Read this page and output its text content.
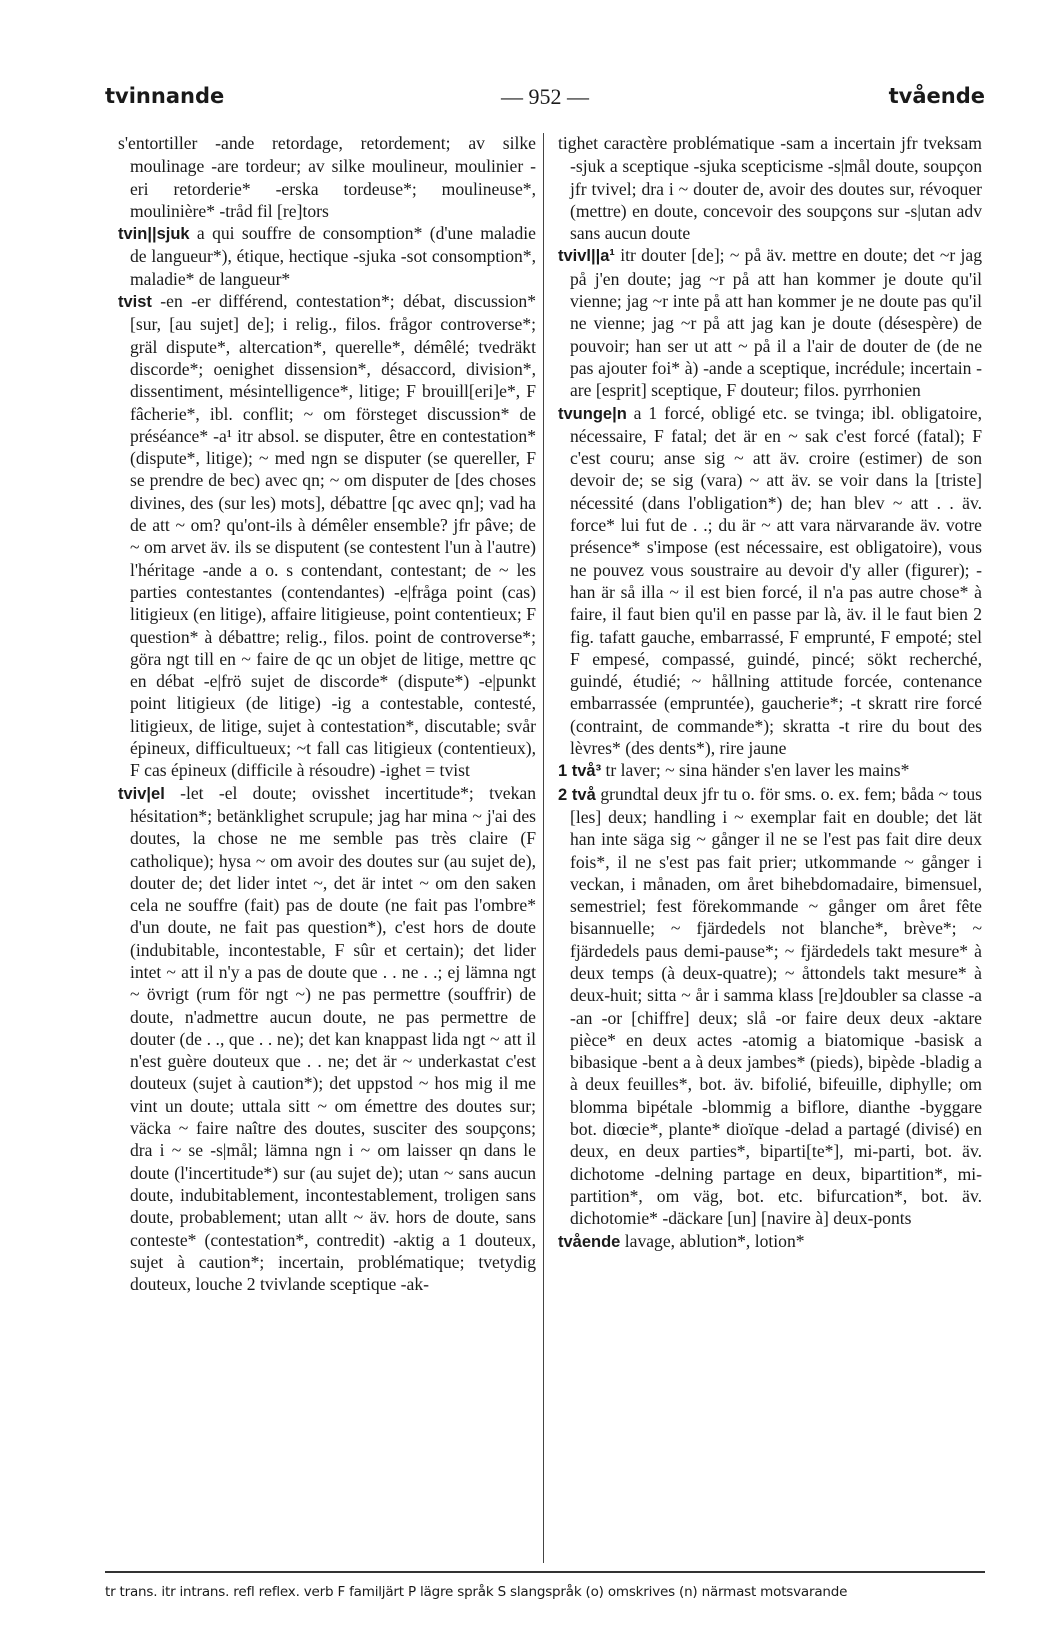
tvinnande	— 952 —	tvående

s'entortiller -ande retordage, retordement; av silke moulinage -are tordeur; av silke moulineur, moulinier -eri retorderie* -erska tordeuse*; moulineuse*, moulinière* -tråd fil [re]tors

tvin||sjuk a qui souffre de consomption* (d'une maladie de langueur*), étique, hectique -sjuka -sot consomption*, maladie* de langueur*

tvist -en -er différend, contestation*; débat, discussion* [sur, [au sujet] de]; i relig., filos. frågor controverse*; gräl dispute*, altercation*, querelle*, démêlé; tvedräkt discorde*; oenighet dissension*, désaccord, division*, dissentiment, mésintelligence*, litige; F brouill[eri]e*, F fâcherie*, ibl. conflit; ~ om försteget discussion* de préséance* -a¹ itr absol. se disputer, être en contestation* (dispute*, litige); ~ med ngn se disputer (se quereller, F se prendre de bec) avec qn; ~ om disputer de [des choses divines, des (sur les) mots], débattre [qc avec qn]; vad ha de att ~ om? qu'ont-ils à démêler ensemble? jfr pâve; de ~ om arvet äv. ils se disputent (se contestent l'un à l'autre) l'héritage -ande a o. s contendant, contestant; de ~ les parties contestantes (contendantes) -e|fråga point (cas) litigieux (en litige), affaire litigieuse, point contentieux; F question* à débattre; relig., filos. point de controverse*; göra ngt till en ~ faire de qc un objet de litige, mettre qc en débat -e|frö sujet de discorde* (dispute*) -e|punkt point litigieux (de litige) -ig a contestable, contesté, litigieux, de litige, sujet à contestation*, discutable; svår épineux, difficultueux; ~t fall cas litigieux (contentieux), F cas épineux (difficile à résoudre) -ighet = tvist

tviv|el -let -el doute; ovisshet incertitude*; tvekan hésitation*; betänklighet scrupule; jag har mina ~ j'ai des doutes, la chose ne me semble pas très claire (F catholique); hysa ~ om avoir des doutes sur (au sujet de), douter de; det lider intet ~, det är intet ~ om den saken cela ne souffre (fait) pas de doute (ne fait pas l'ombre* d'un doute, ne fait pas question*), c'est hors de doute (indubitable, incontestable, F sûr et certain); det lider intet ~ att il n'y a pas de doute que . . ne . .; ej lämna ngt ~ övrigt (rum för ngt ~) ne pas permettre (souffrir) de doute, n'admettre aucun doute, ne pas permettre de douter (de . ., que . . ne); det kan knappast lida ngt ~ att il n'est guère douteux que . . ne; det är ~ underkastat c'est douteux (sujet à caution*); det uppstod ~ hos mig il me vint un doute; uttala sitt ~ om émettre des doutes sur; väcka ~ faire naître des doutes, susciter des soupçons; dra i ~ se -s|mål; lämna ngn i ~ om laisser qn dans le doute (l'incertitude*) sur (au sujet de); utan ~ sans aucun doute, indubitablement, incontestablement, troligen sans doute, probablement; utan allt ~ äv. hors de doute, sans conteste* (contestation*, contredit) -aktig a 1 douteux, sujet à caution*; incertain, problématique; tvetydig douteux, louche 2 tvivlande sceptique -ak-

tighet caractère problématique -sam a incertain jfr tveksam -sjuk a sceptique -sjuka scepticisme -s|mål doute, soupçon jfr tvivel; dra i ~ douter de, avoir des doutes sur, révoquer (mettre) en doute, concevoir des soupçons sur -s|utan adv sans aucun doute

tvivl||a¹ itr douter [de]; ~ på äv. mettre en doute; det ~r jag på j'en doute; jag ~r på att han kommer je doute qu'il vienne; jag ~r inte på att han kommer je ne doute pas qu'il ne vienne; jag ~r på att jag kan je doute (désespère) de pouvoir; han ser ut att ~ på il a l'air de douter de (de ne pas ajouter foi* à) -ande a sceptique, incrédule; incertain -are [esprit] sceptique, F douteur; filos. pyrrhonien

tvunge|n a 1 forcé, obligé etc. se tvinga; ibl. obligatoire, nécessaire, F fatal; det är en ~ sak c'est forcé (fatal); F c'est couru; anse sig ~ att äv. croire (estimer) de son devoir de; se sig (vara) ~ att äv. se voir dans la [triste] nécessité (dans l'obligation*) de; han blev ~ att . . äv. force* lui fut de . .; du är ~ att vara närvarande äv. votre présence* s'impose (est nécessaire, est obligatoire), vous ne pouvez vous soustraire au devoir d'y aller (figurer); -han är så illa ~ il est bien forcé, il n'a pas autre chose* à faire, il faut bien qu'il en passe par là, äv. il le faut bien 2 fig. tafatt gauche, embarrassé, F emprunté, F empoté; stel F empesé, compassé, guindé, pincé; sökt recherché, guindé, étudié; ~ hållning attitude forcée, contenance embarrassée (empruntée), gaucherie*; -t skratt rire forcé (contraint, de commande*); skratta -t rire du bout des lèvres* (des dents*), rire jaune

1 två³ tr laver; ~ sina händer s'en laver les mains*

2 två grundtal deux jfr tu o. för sms. o. ex. fem; båda ~ tous [les] deux; handling i ~ exemplar fait en double; det lät han inte säga sig ~ gånger il ne se l'est pas fait dire deux fois*, il ne s'est pas fait prier; utkommande ~ gånger i veckan, i månaden, om året bihebdomadaire, bimensuel, semestriel; fest förekommande ~ gånger om året fête bisannuelle; ~ fjärdedels not blanche*, brève*; ~ fjärdedels paus demi-pause*; ~ fjärdedels takt mesure* à deux temps (à deux-quatre); ~ åttondels takt mesure* à deux-huit; sitta ~ år i samma klass [re]doubler sa classe -a -an -or [chiffre] deux; slå -or faire deux deux -aktare pièce* en deux actes -atomig a biatomique -basisk a bibasique -bent a à deux jambes* (pieds), bipède -bladig a à deux feuilles*, bot. äv. bifolié, bifeuille, diphylle; om blomma bipétale -blommig a biflore, dianthe -byggare bot. diœcie*, plante* dioïque -delad a partagé (divisé) en deux, en deux parties*, biparti[te*], mi-parti, bot. äv. dichotome -delning partage en deux, bipartition*, mi-partition*, om väg, bot. etc. bifurcation*, bot. äv. dichotomie* -däckare [un] [navire à] deux-ponts

tvående lavage, ablution*, lotion*

tr trans. itr intrans. refl reflex. verb F familjärt P lägre språk S slangspråk (o) omskrives (n) närmast motsvarande
